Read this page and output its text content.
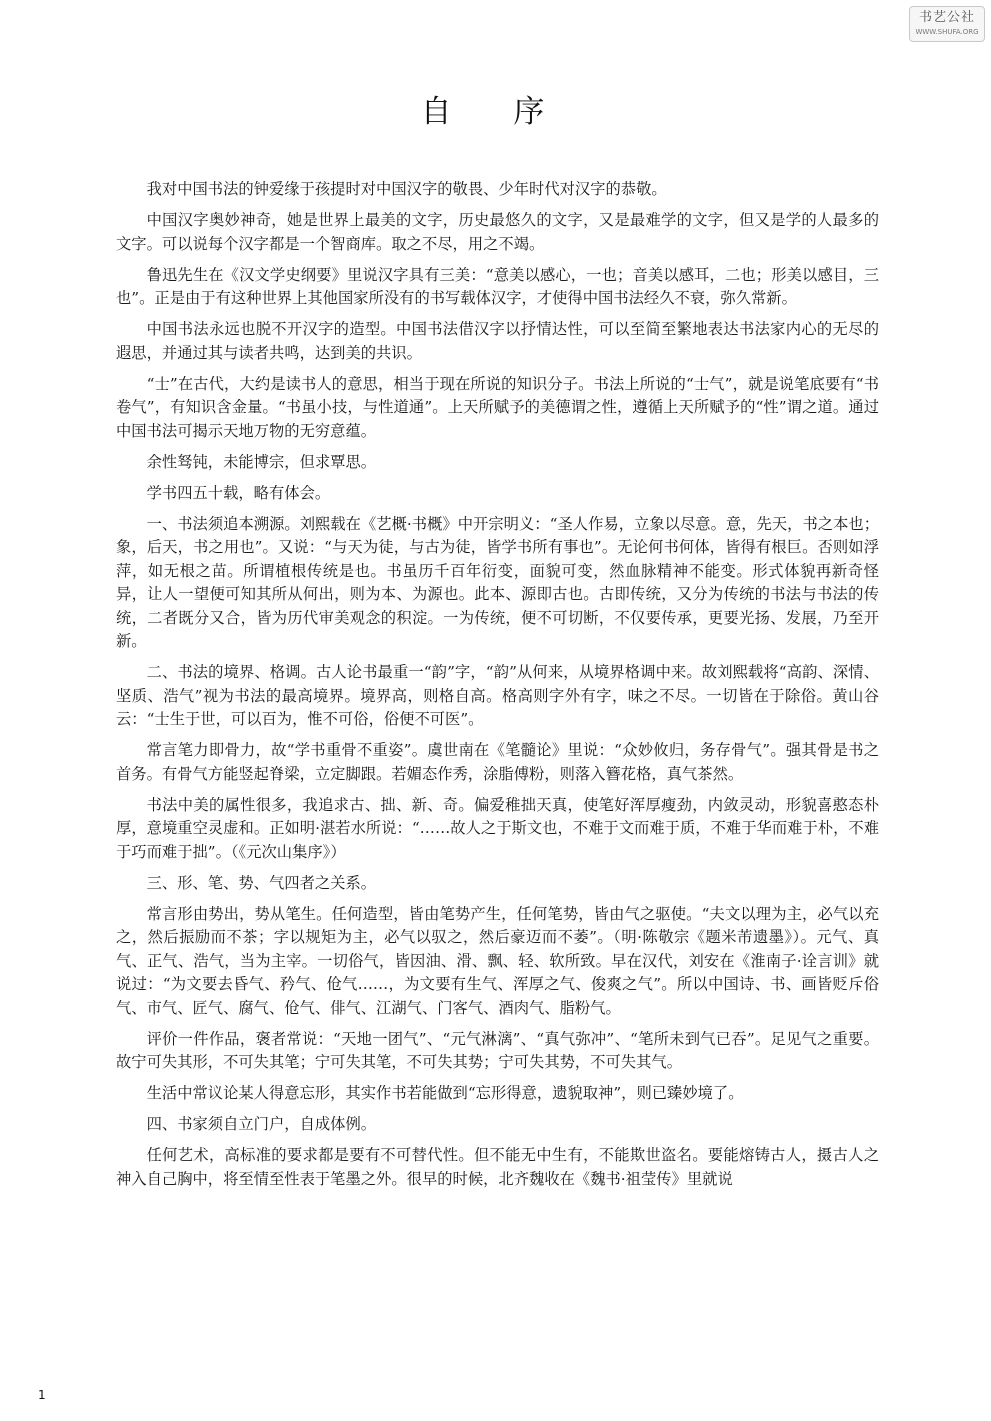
书艺公社
WWW.SHUFA.ORG
自 序

我对中国书法的钟爱缘于孩提时对中国汉字的敬畏、少年时代对汉字的恭敬。

中国汉字奥妙神奇，她是世界上最美的文字，历史最悠久的文字，又是最难学的文字，但又是学的人最多的文字。可以说每个汉字都是一个智商库。取之不尽，用之不竭。

鲁迅先生在《汉文学史纲要》里说汉字具有三美：“意美以感心，一也；音美以感耳，二也；形美以感目，三也”。正是由于有这种世界上其他国家所没有的书写载体汉字，才使得中国书法经久不衰，弥久常新。

中国书法永远也脱不开汉字的造型。中国书法借汉字以抒情达性，可以至简至繁地表达书法家内心的无尽的遐思，并通过其与读者共鸣，达到美的共识。

“士”在古代，大约是读书人的意思，相当于现在所说的知识分子。书法上所说的“士气”，就是说笔底要有“书卷气”，有知识含金量。“书虽小技，与性道通”。上天所赋予的美德谓之性，遵循上天所赋予的“性”谓之道。通过中国书法可揭示天地万物的无穷意蕴。

余性驽钝，未能博宗，但求覃思。

学书四五十载，略有体会。

一、书法须追本溯源。刘熙载在《艺概·书概》中开宗明义：“圣人作易，立象以尽意。意，先天，书之本也；象，后天，书之用也”。又说：“与天为徒，与古为徒，皆学书所有事也”。无论何书何体，皆得有根巨。否则如浮萍，如无根之苗。所谓植根传统是也。书虽历千百年衍变，面貌可变，然血脉精神不能变。形式体貌再新奇怪异，让人一望便可知其所从何出，则为本、为源也。此本、源即古也。古即传统，又分为传统的书法与书法的传统，二者既分又合，皆为历代审美观念的积淀。一为传统，便不可切断，不仅要传承，更要光扬、发展，乃至开新。

二、书法的境界、格调。古人论书最重一“韵”字，“韵”从何来，从境界格调中来。故刘熙载将“高韵、深情、坚质、浩气”视为书法的最高境界。境界高，则格自高。格高则字外有字，味之不尽。一切皆在于除俗。黄山谷云：“士生于世，可以百为，惟不可俗，俗便不可医”。

常言笔力即骨力，故“学书重骨不重姿”。虞世南在《笔髓论》里说：“众妙攸归，务存骨气”。强其骨是书之首务。有骨气方能竖起脊梁，立定脚跟。若媚态作秀，涂脂傅粉，则落入簪花格，真气茶然。

书法中美的属性很多，我追求古、拙、新、奇。偏爱稚拙天真，使笔好浑厚瘦劲，内敛灵动，形貌喜憨态朴厚，意境重空灵虚和。正如明·湛若水所说：“……故人之于斯文也，不难于文而难于质，不难于华而难于朴，不难于巧而难于拙”。（《元次山集序》）

三、形、笔、势、气四者之关系。

常言形由势出，势从笔生。任何造型，皆由笔势产生，任何笔势，皆由气之驱使。“夫文以理为主，必气以充之，然后振励而不茶；字以规矩为主，必气以驭之，然后豪迈而不萎”。（明·陈敬宗《题米芾遗墨》）。元气、真气、正气、浩气，当为主宰。一切俗气，皆因油、滑、飘、轻、软所致。早在汉代，刘安在《淮南子·诠言训》就说过：“为文要去昏气、矜气、伧气……，为文要有生气、浑厚之气、俊爽之气”。所以中国诗、书、画皆贬斥俗气、市气、匠气、腐气、伧气、俳气、江湖气、门客气、酒肉气、脂粉气。

评价一件作品，褒者常说：“天地一团气”、“元气淋漓”、“真气弥冲”、“笔所未到气已吞”。足见气之重要。故宁可失其形，不可失其笔；宁可失其笔，不可失其势；宁可失其势，不可失其气。

生活中常议论某人得意忘形，其实作书若能做到“忘形得意，遗貌取神”，则已臻妙境了。

四、书家须自立门户，自成体例。

任何艺术，高标准的要求都是要有不可替代性。但不能无中生有，不能欺世盗名。要能熔铸古人，摄古人之神入自己胸中，将至情至性表于笔墨之外。很早的时候，北齐魏收在《魏书·祖莹传》里就说

1
